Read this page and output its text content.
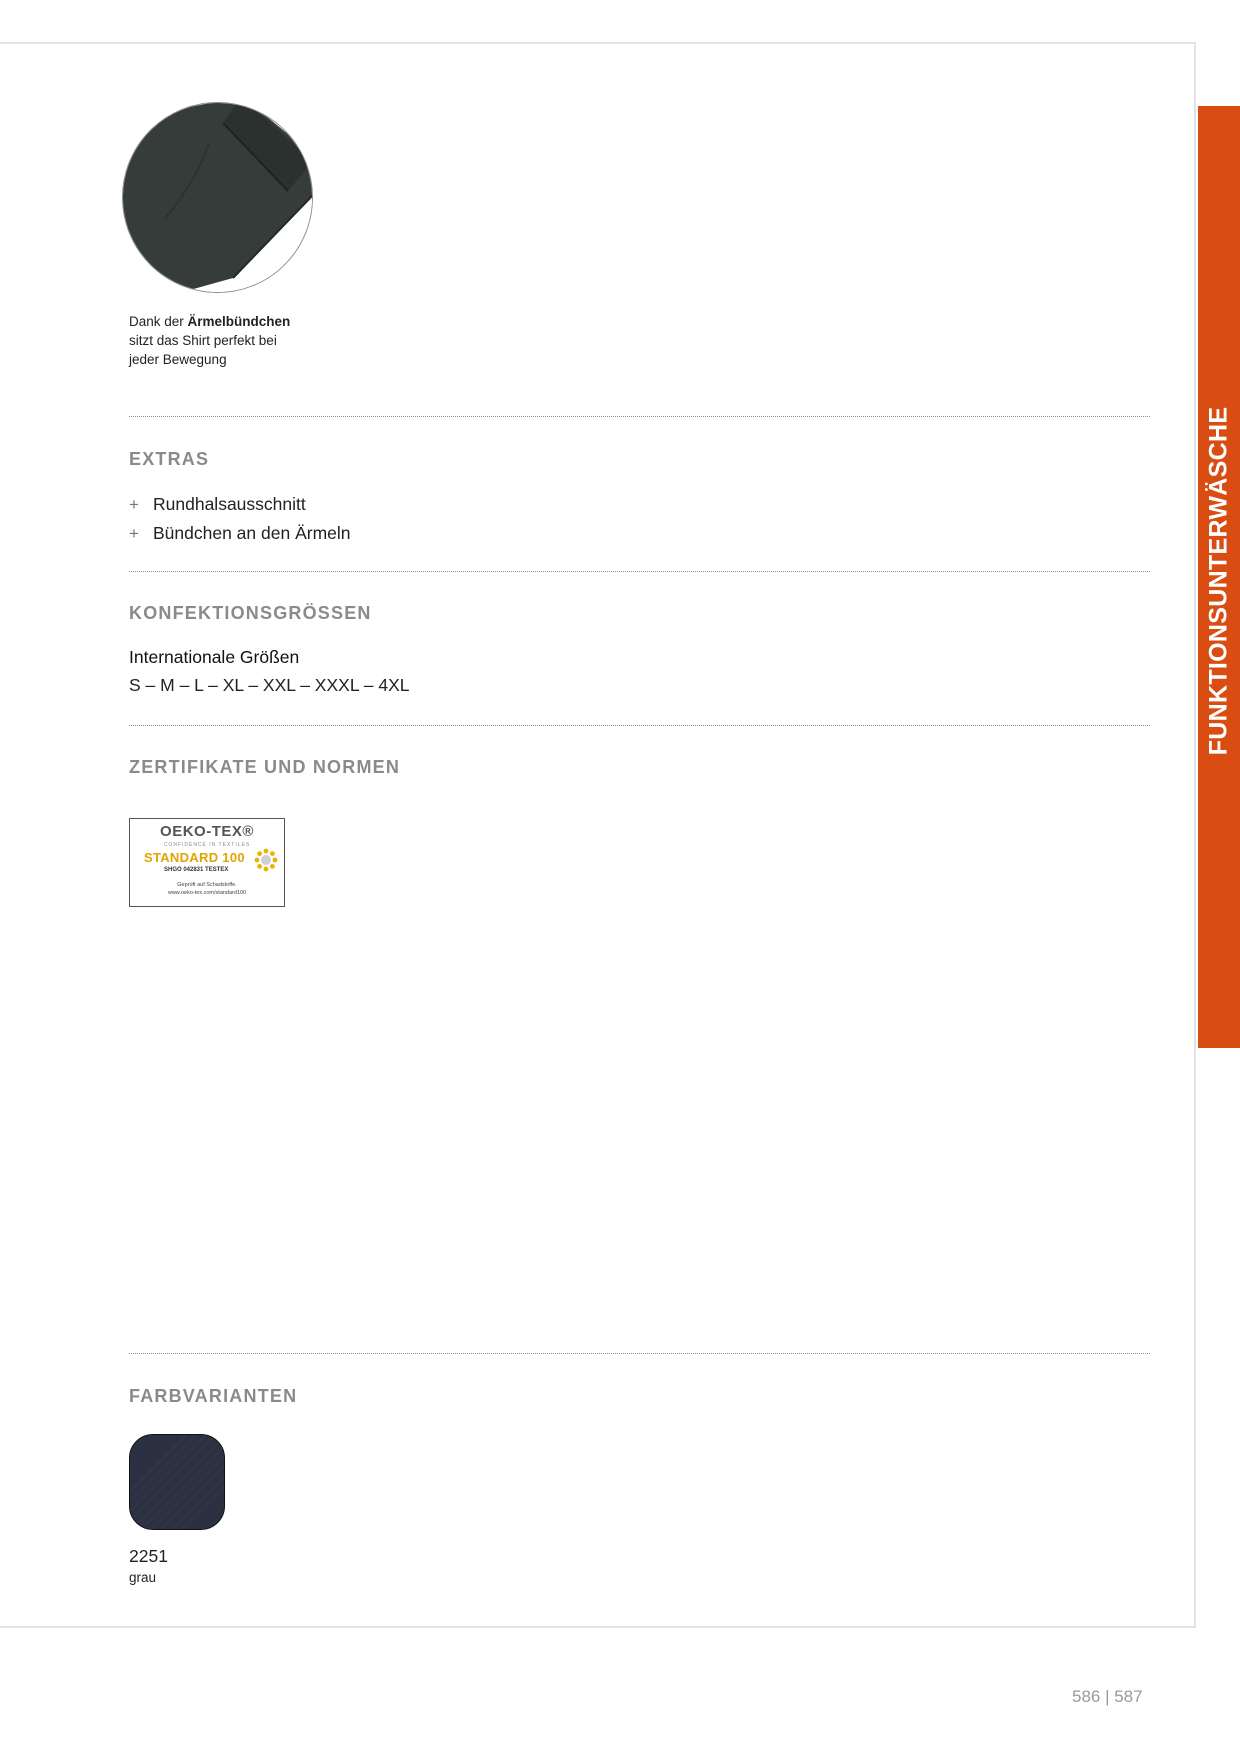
FUNKTIONSUNTERWÄSCHE
Dank der Ärmelbündchen
sitzt das Shirt perfekt bei
jeder Bewegung
EXTRAS
+ Rundhalsausschnitt
+ Bündchen an den Ärmeln
KONFEKTIONSGRÖSSEN
Internationale Größen
S – M – L – XL – XXL – XXXL – 4XL
ZERTIFIKATE UND NORMEN
OEKO-TEX®
CONFIDENCE IN TEXTILES
STANDARD 100
SHGO 042831 TESTEX
Geprüft auf Schadstoffe.
www.oeko-tex.com/standard100
FARBVARIANTEN
2251
grau
586 | 587
